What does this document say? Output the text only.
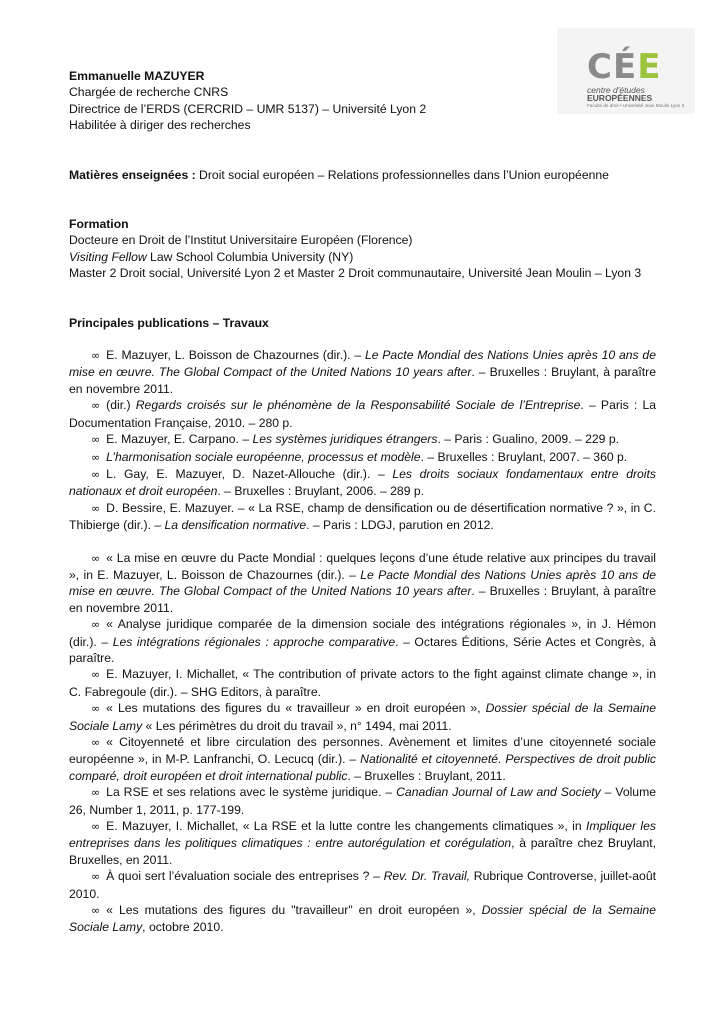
CÉE
centre d'études
EUROPÉENNES
Faculté de droit • Université Jean Moulin Lyon 3
Emmanuelle MAZUYER
Chargée de recherche CNRS
Directrice de l’ERDS (CERCRID – UMR 5137) – Université Lyon 2
Habilitée à diriger des recherches
Matières enseignées : Droit social européen – Relations professionnelles dans l’Union européenne
Formation
Docteure en Droit de l’Institut Universitaire Européen (Florence)
Visiting Fellow Law School Columbia University (NY)
Master 2 Droit social, Université Lyon 2 et Master 2 Droit communautaire, Université Jean Moulin – Lyon 3
Principales publications – Travaux

∞ E. Mazuyer, L. Boisson de Chazournes (dir.). – Le Pacte Mondial des Nations Unies après 10 ans de mise en œuvre. The Global Compact of the United Nations 10 years after. – Bruxelles : Bruylant, à paraître en novembre 2011.

∞ (dir.) Regards croisés sur le phénomène de la Responsabilité Sociale de l’Entreprise. – Paris : La Documentation Française, 2010. – 280 p.

∞ E. Mazuyer, E. Carpano. – Les systèmes juridiques étrangers. – Paris : Gualino, 2009. – 229 p.

∞ L’harmonisation sociale européenne, processus et modèle. – Bruxelles : Bruylant, 2007. – 360 p.

∞ L. Gay, E. Mazuyer, D. Nazet-Allouche (dir.). – Les droits sociaux fondamentaux entre droits nationaux et droit européen. – Bruxelles : Bruylant, 2006. – 289 p.

∞ D. Bessire, E. Mazuyer. – « La RSE, champ de densification ou de désertification normative ? », in C. Thibierge (dir.). – La densification normative. – Paris : LDGJ, parution en 2012.

∞ « La mise en œuvre du Pacte Mondial : quelques leçons d’une étude relative aux principes du travail », in E. Mazuyer, L. Boisson de Chazournes (dir.). – Le Pacte Mondial des Nations Unies après 10 ans de mise en œuvre. The Global Compact of the United Nations 10 years after. – Bruxelles : Bruylant, à paraître en novembre 2011.

∞ « Analyse juridique comparée de la dimension sociale des intégrations régionales », in J. Hémon (dir.). – Les intégrations régionales : approche comparative. – Octares Éditions, Série Actes et Congrès, à paraître.

∞ E. Mazuyer, I. Michallet, « The contribution of private actors to the fight against climate change », in C. Fabregoule (dir.). – SHG Editors, à paraître.

∞ « Les mutations des figures du « travailleur » en droit européen », Dossier spécial de la Semaine Sociale Lamy « Les périmètres du droit du travail », n° 1494, mai 2011.

∞ « Citoyenneté et libre circulation des personnes. Avènement et limites d’une citoyenneté sociale européenne », in M-P. Lanfranchi, O. Lecucq (dir.). – Nationalité et citoyenneté. Perspectives de droit public comparé, droit européen et droit international public. – Bruxelles : Bruylant, 2011.

∞ La RSE et ses relations avec le système juridique. – Canadian Journal of Law and Society – Volume 26, Number 1, 2011, p. 177-199.

∞ E. Mazuyer, I. Michallet, « La RSE et la lutte contre les changements climatiques », in Impliquer les entreprises dans les politiques climatiques : entre autorégulation et corégulation, à paraître chez Bruylant, Bruxelles, en 2011.

∞ À quoi sert l’évaluation sociale des entreprises ? – Rev. Dr. Travail, Rubrique Controverse, juillet-août 2010.

∞ « Les mutations des figures du "travailleur" en droit européen », Dossier spécial de la Semaine Sociale Lamy, octobre 2010.
